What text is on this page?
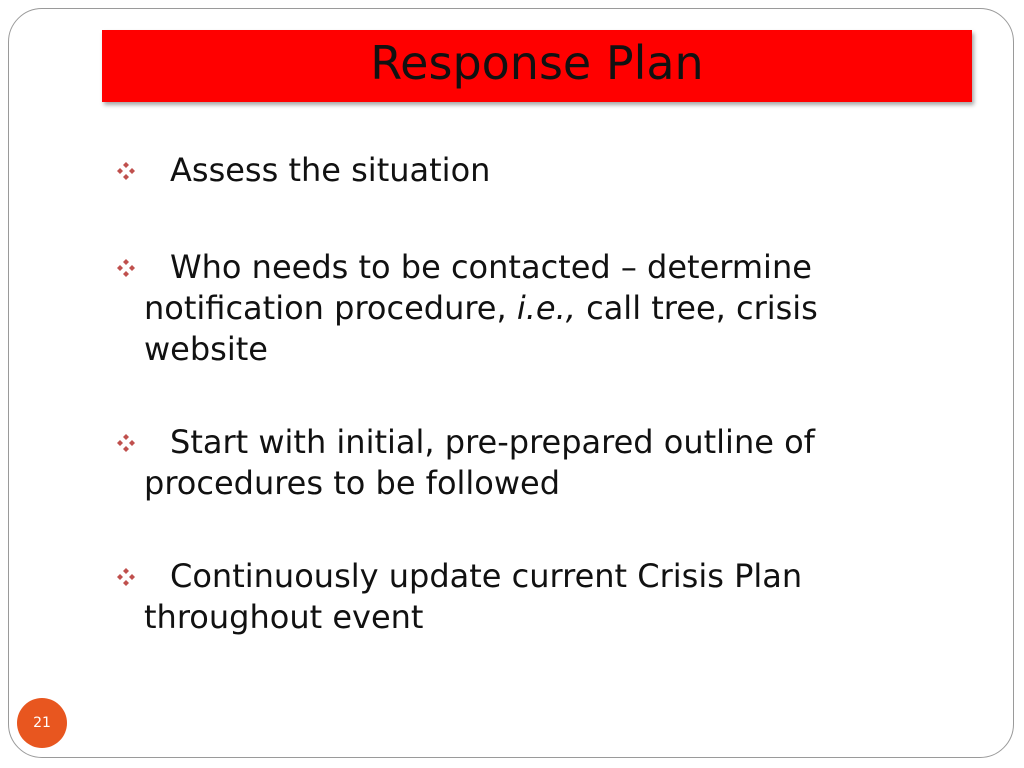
Response Plan
Assess the situation
Who needs to be contacted – determine notification procedure, i.e., call tree, crisis website
Start with initial, pre-prepared outline of procedures to be followed
Continuously update current Crisis Plan throughout event
21
